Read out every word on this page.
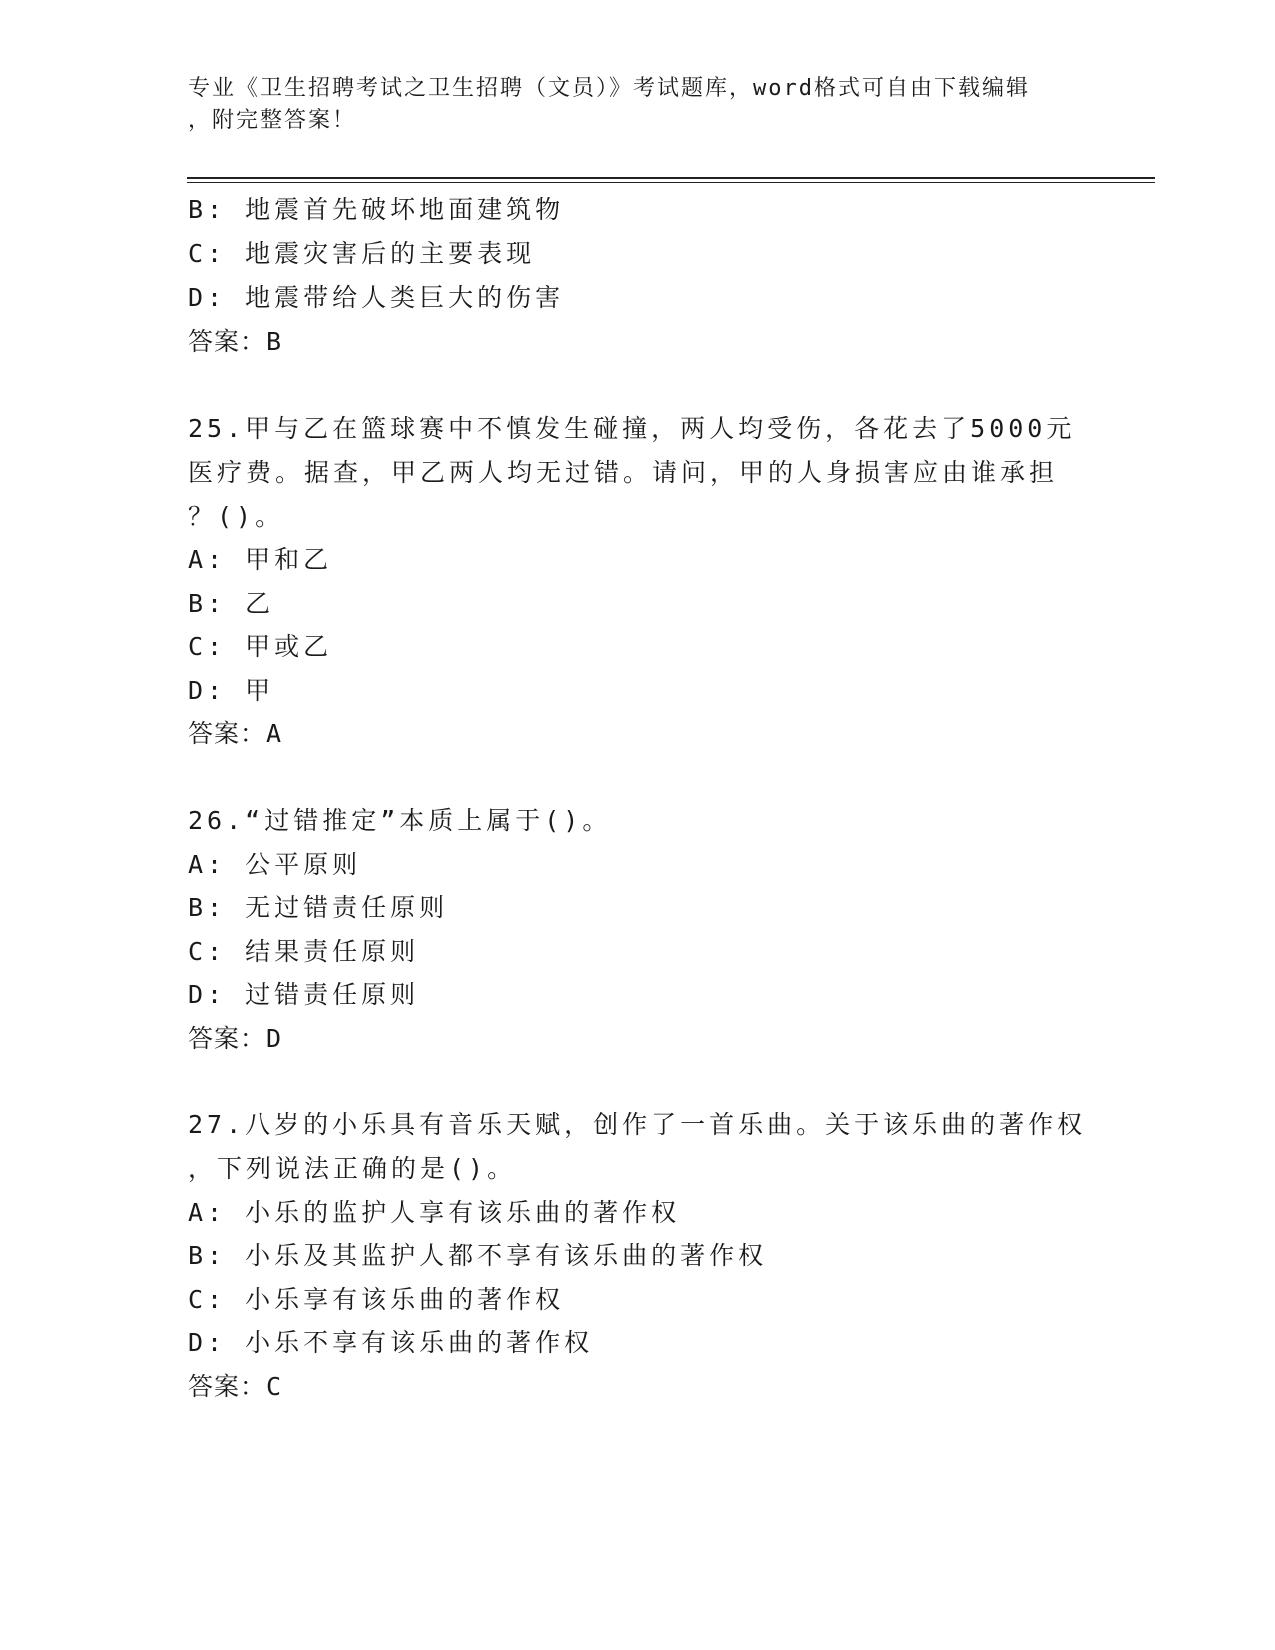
专业《卫生招聘考试之卫生招聘（文员）》考试题库，word格式可自由下载编辑
，附完整答案！
B: 地震首先破坏地面建筑物
C: 地震灾害后的主要表现
D: 地震带给人类巨大的伤害
答案：B
25.甲与乙在篮球赛中不慎发生碰撞，两人均受伤，各花去了5000元
医疗费。据查，甲乙两人均无过错。请问，甲的人身损害应由谁承担
？()。
A: 甲和乙
B: 乙
C: 甲或乙
D: 甲
答案：A
26.“过错推定”本质上属于()。
A: 公平原则
B: 无过错责任原则
C: 结果责任原则
D: 过错责任原则
答案：D
27.八岁的小乐具有音乐天赋，创作了一首乐曲。关于该乐曲的著作权
，下列说法正确的是()。
A: 小乐的监护人享有该乐曲的著作权
B: 小乐及其监护人都不享有该乐曲的著作权
C: 小乐享有该乐曲的著作权
D: 小乐不享有该乐曲的著作权
答案：C
